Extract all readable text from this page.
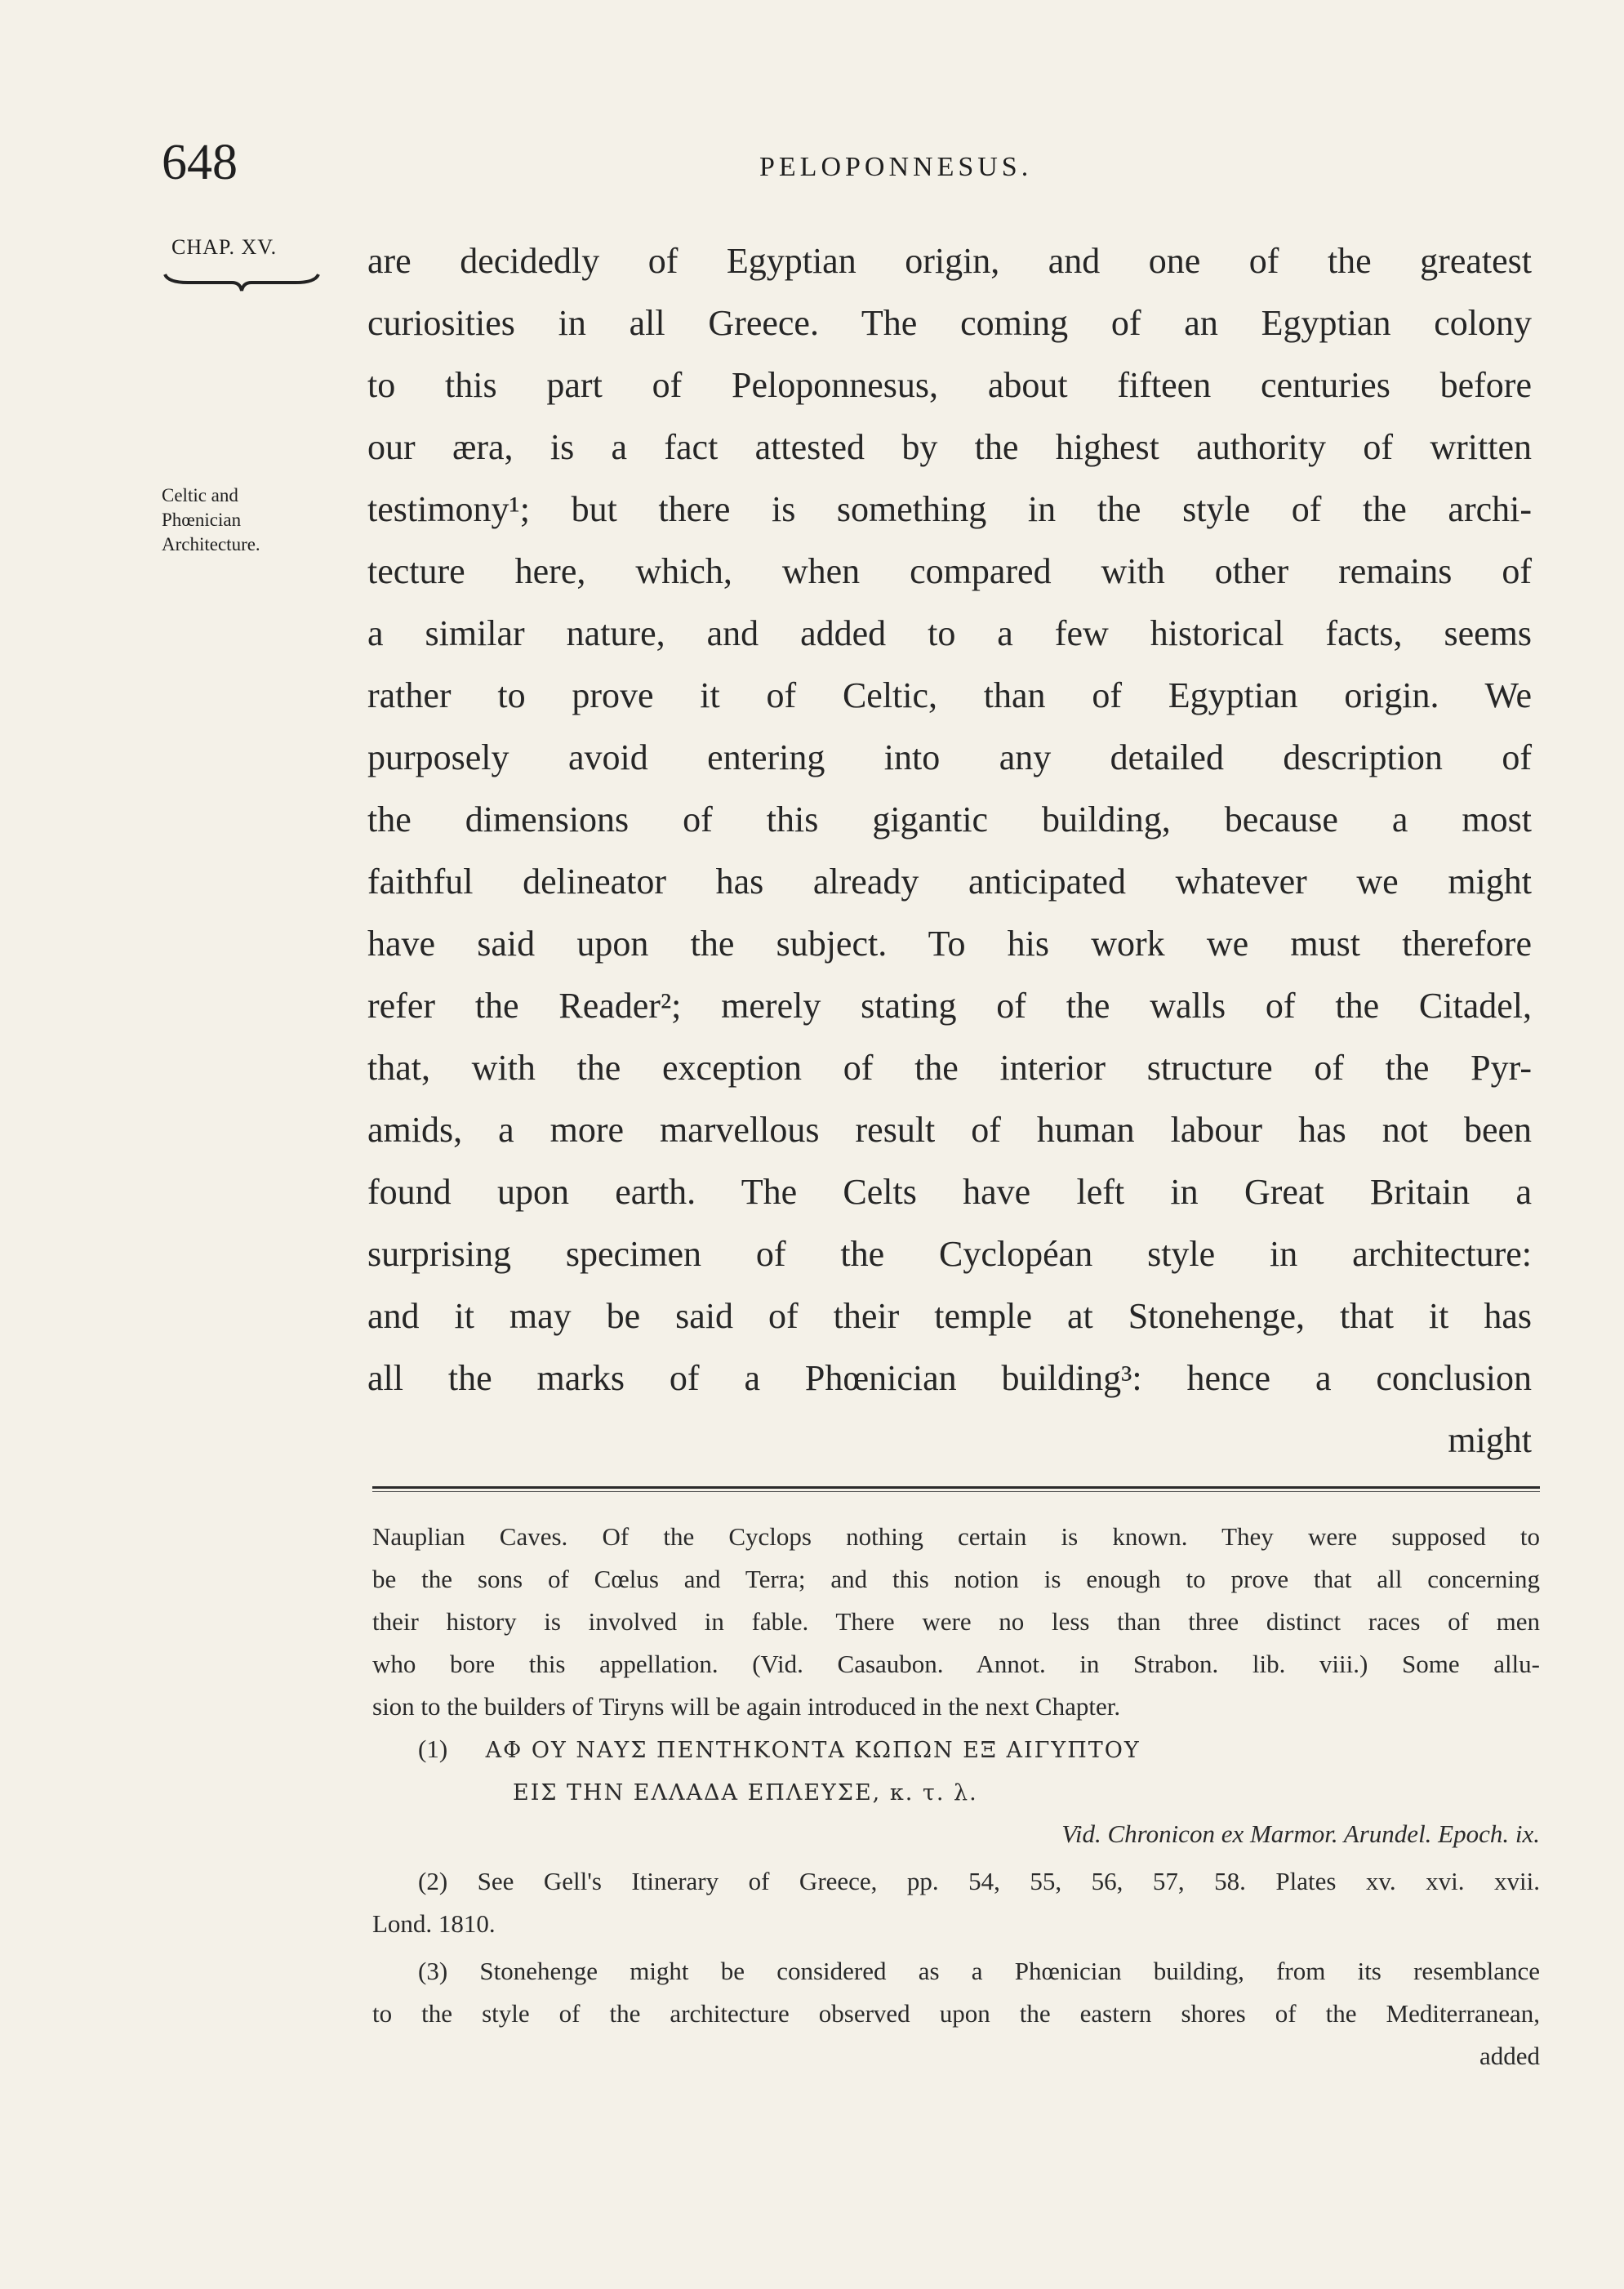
648	PELOPONNESUS.
CHAP. XV.
Celtic and
Phœnician
Architecture.
are decidedly of Egyptian origin, and one of the greatest
curiosities in all Greece. The coming of an Egyptian colony
to this part of Peloponnesus, about fifteen centuries before
our æra, is a fact attested by the highest authority of written
testimony¹; but there is something in the style of the archi-
tecture here, which, when compared with other remains of
a similar nature, and added to a few historical facts, seems
rather to prove it of Celtic, than of Egyptian origin. We
purposely avoid entering into any detailed description of
the dimensions of this gigantic building, because a most
faithful delineator has already anticipated whatever we might
have said upon the subject. To his work we must therefore
refer the Reader²; merely stating of the walls of the Citadel,
that, with the exception of the interior structure of the Pyr-
amids, a more marvellous result of human labour has not been
found upon earth. The Celts have left in Great Britain a
surprising specimen of the Cyclopéan style in architecture:
and it may be said of their temple at Stonehenge, that it has
all the marks of a Phœnician building³: hence a conclusion
might
Nauplian Caves. Of the Cyclops nothing certain is known. They were supposed to
be the sons of Cœlus and Terra; and this notion is enough to prove that all concerning
their history is involved in fable. There were no less than three distinct races of men
who bore this appellation. (Vid. Casaubon. Annot. in Strabon. lib. viii.) Some allu-
sion to the builders of Tiryns will be again introduced in the next Chapter.
(1) ΑΦ ΟΥ ΝΑΥΣ ΠΕΝΤΗΚΟΝΤΑ ΚΩΠΩΝ ΕΞ ΑΙΓΥΠΤΟΥ
ΕΙΣ ΤΗΝ ΕΛΛΑΔΑ ΕΠΛΕΥΣΕ, κ. τ. λ.
Vid. Chronicon ex Marmor. Arundel. Epoch. ix.
(2) See Gell's Itinerary of Greece, pp. 54, 55, 56, 57, 58. Plates xv. xvi. xvii.
Lond. 1810.
(3) Stonehenge might be considered as a Phœnician building, from its resemblance
to the style of the architecture observed upon the eastern shores of the Mediterranean,
added
